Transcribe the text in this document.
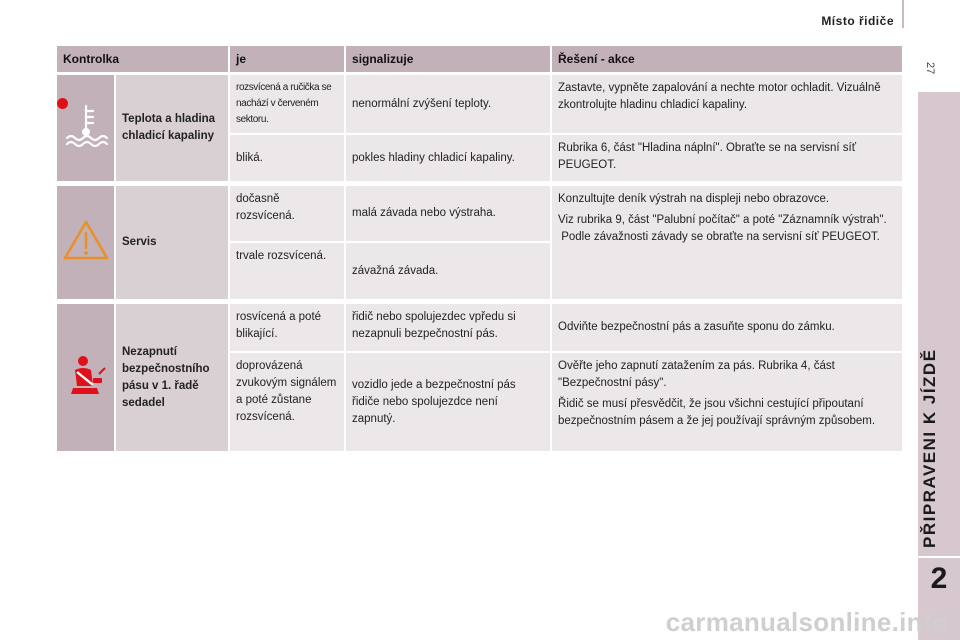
Místo řidiče
27
PŘIPRAVENI K JÍZDĚ
2
Kontrolka		je	signalizuje	Řešení - akce

	Teplota a hladina chladicí kapaliny	rozsvícená a ručička se nachází v červeném sektoru.	nenormální zvýšení teploty.	Zastavte, vypněte zapalování a nechte motor ochladit. Vizuálně zkontrolujte hladinu chladicí kapaliny.
		bliká.	pokles hladiny chladicí kapaliny.	Rubrika 6, část "Hladina náplní". Obraťte se na servisní síť PEUGEOT.

	Servis	dočasně rozsvícená.	malá závada nebo výstraha.	Konzultujte deník výstrah na displeji nebo obrazovce.
Viz rubrika 9, část "Palubní počítač" a poté "Záznamník výstrah".
Podle závažnosti závady se obraťte na servisní síť PEUGEOT.

		trvale rozsvícená.	závažná závada.	

	Nezapnutí bezpečnostního pásu v 1. řadě sedadel	rosvícená a poté blikající.	řidič nebo spolujezdec vpředu si nezapnuli bezpečnostní pás.	Odviňte bezpečnostní pás a zasuňte sponu do zámku.
		doprovázená zvukovým signálem a poté zůstane rozsvícená.	vozidlo jede a bezpečnostní pás řidiče nebo spolujezdce není zapnutý.	Ověřte jeho zapnutí zatažením za pás. Rubrika 4, část "Bezpečnostní pásy".
Řidič se musí přesvědčit, že jsou všichni cestující připoutaní bezpečnostním pásem a že jej používají správným způsobem.
carmanualsonline.info
